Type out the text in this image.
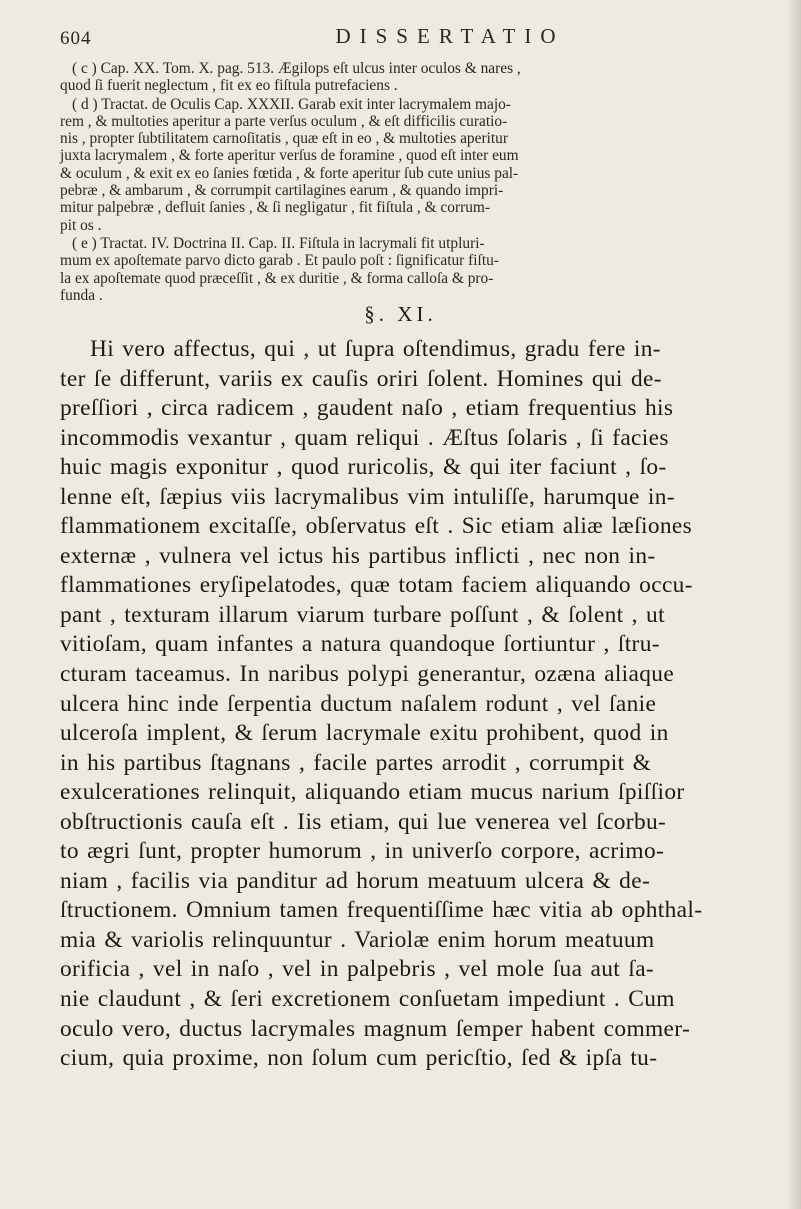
604	DISSERTATIO

( c ) Cap. XX. Tom. X. pag. 513. Ægilops eſt ulcus inter oculos & nares ,

quod ſi fuerit neglectum , fit ex eo fiſtula putrefaciens .

( d ) Tractat. de Oculis Cap. XXXII. Garab exit inter lacrymalem majo-

rem , & multoties aperitur a parte verſus oculum , & eſt difficilis curatio-

nis , propter ſubtilitatem carnoſitatis , quæ eſt in eo , & multoties aperitur

juxta lacrymalem , & forte aperitur verſus de foramine , quod eſt inter eum

& oculum , & exit ex eo ſanies fœtida , & forte aperitur ſub cute unius pal-

pebræ , & ambarum , & corrumpit cartilagines earum , & quando impri-

mitur palpebræ , defluit ſanies , & ſi negligatur , fit fiſtula , & corrum-

pit os .

( e ) Tractat. IV. Doctrina II. Cap. II. Fiſtula in lacrymali fit utpluri-

mum ex apoſtemate parvo dicto garab . Et paulo poſt : ſignificatur fiſtu-

la ex apoſtemate quod præceſſit , & ex duritie , & forma calloſa & pro-

funda .

§. XI.
Hi vero affectus, qui , ut ſupra oſtendimus, gradu fere in-
ter ſe differunt, variis ex cauſis oriri ſolent. Homines qui de-
preſſiori , circa radicem , gaudent naſo , etiam frequentius his
incommodis vexantur , quam reliqui . Æſtus ſolaris , ſi facies
huic magis exponitur , quod ruricolis, & qui iter faciunt , ſo-
lenne eſt, ſæpius viis lacrymalibus vim intuliſſe, harumque in-
flammationem excitaſſe, obſervatus eſt . Sic etiam aliæ læſiones
externæ , vulnera vel ictus his partibus inflicti , nec non in-
flammationes eryſipelatodes, quæ totam faciem aliquando occu-
pant , texturam illarum viarum turbare poſſunt , & ſolent , ut
vitioſam, quam infantes a natura quandoque ſortiuntur , ſtru-
cturam taceamus. In naribus polypi generantur, ozæna aliaque
ulcera hinc inde ſerpentia ductum naſalem rodunt , vel ſanie
ulceroſa implent, & ſerum lacrymale exitu prohibent, quod in
in his partibus ſtagnans , facile partes arrodit , corrumpit &
exulcerationes relinquit, aliquando etiam mucus narium ſpiſſior
obſtructionis cauſa eſt . Iis etiam, qui lue venerea vel ſcorbu-
to ægri ſunt, propter humorum , in univerſo corpore, acrimo-
niam , facilis via panditur ad horum meatuum ulcera & de-
ſtructionem. Omnium tamen frequentiſſime hæc vitia ab ophthal-
mia & variolis relinquuntur . Variolæ enim horum meatuum
orificia , vel in naſo , vel in palpebris , vel mole ſua aut ſa-
nie claudunt , & ſeri excretionem conſuetam impediunt . Cum
oculo vero, ductus lacrymales magnum ſemper habent commer-
cium, quia proxime, non ſolum cum pericſtio, ſed & ipſa tu-
